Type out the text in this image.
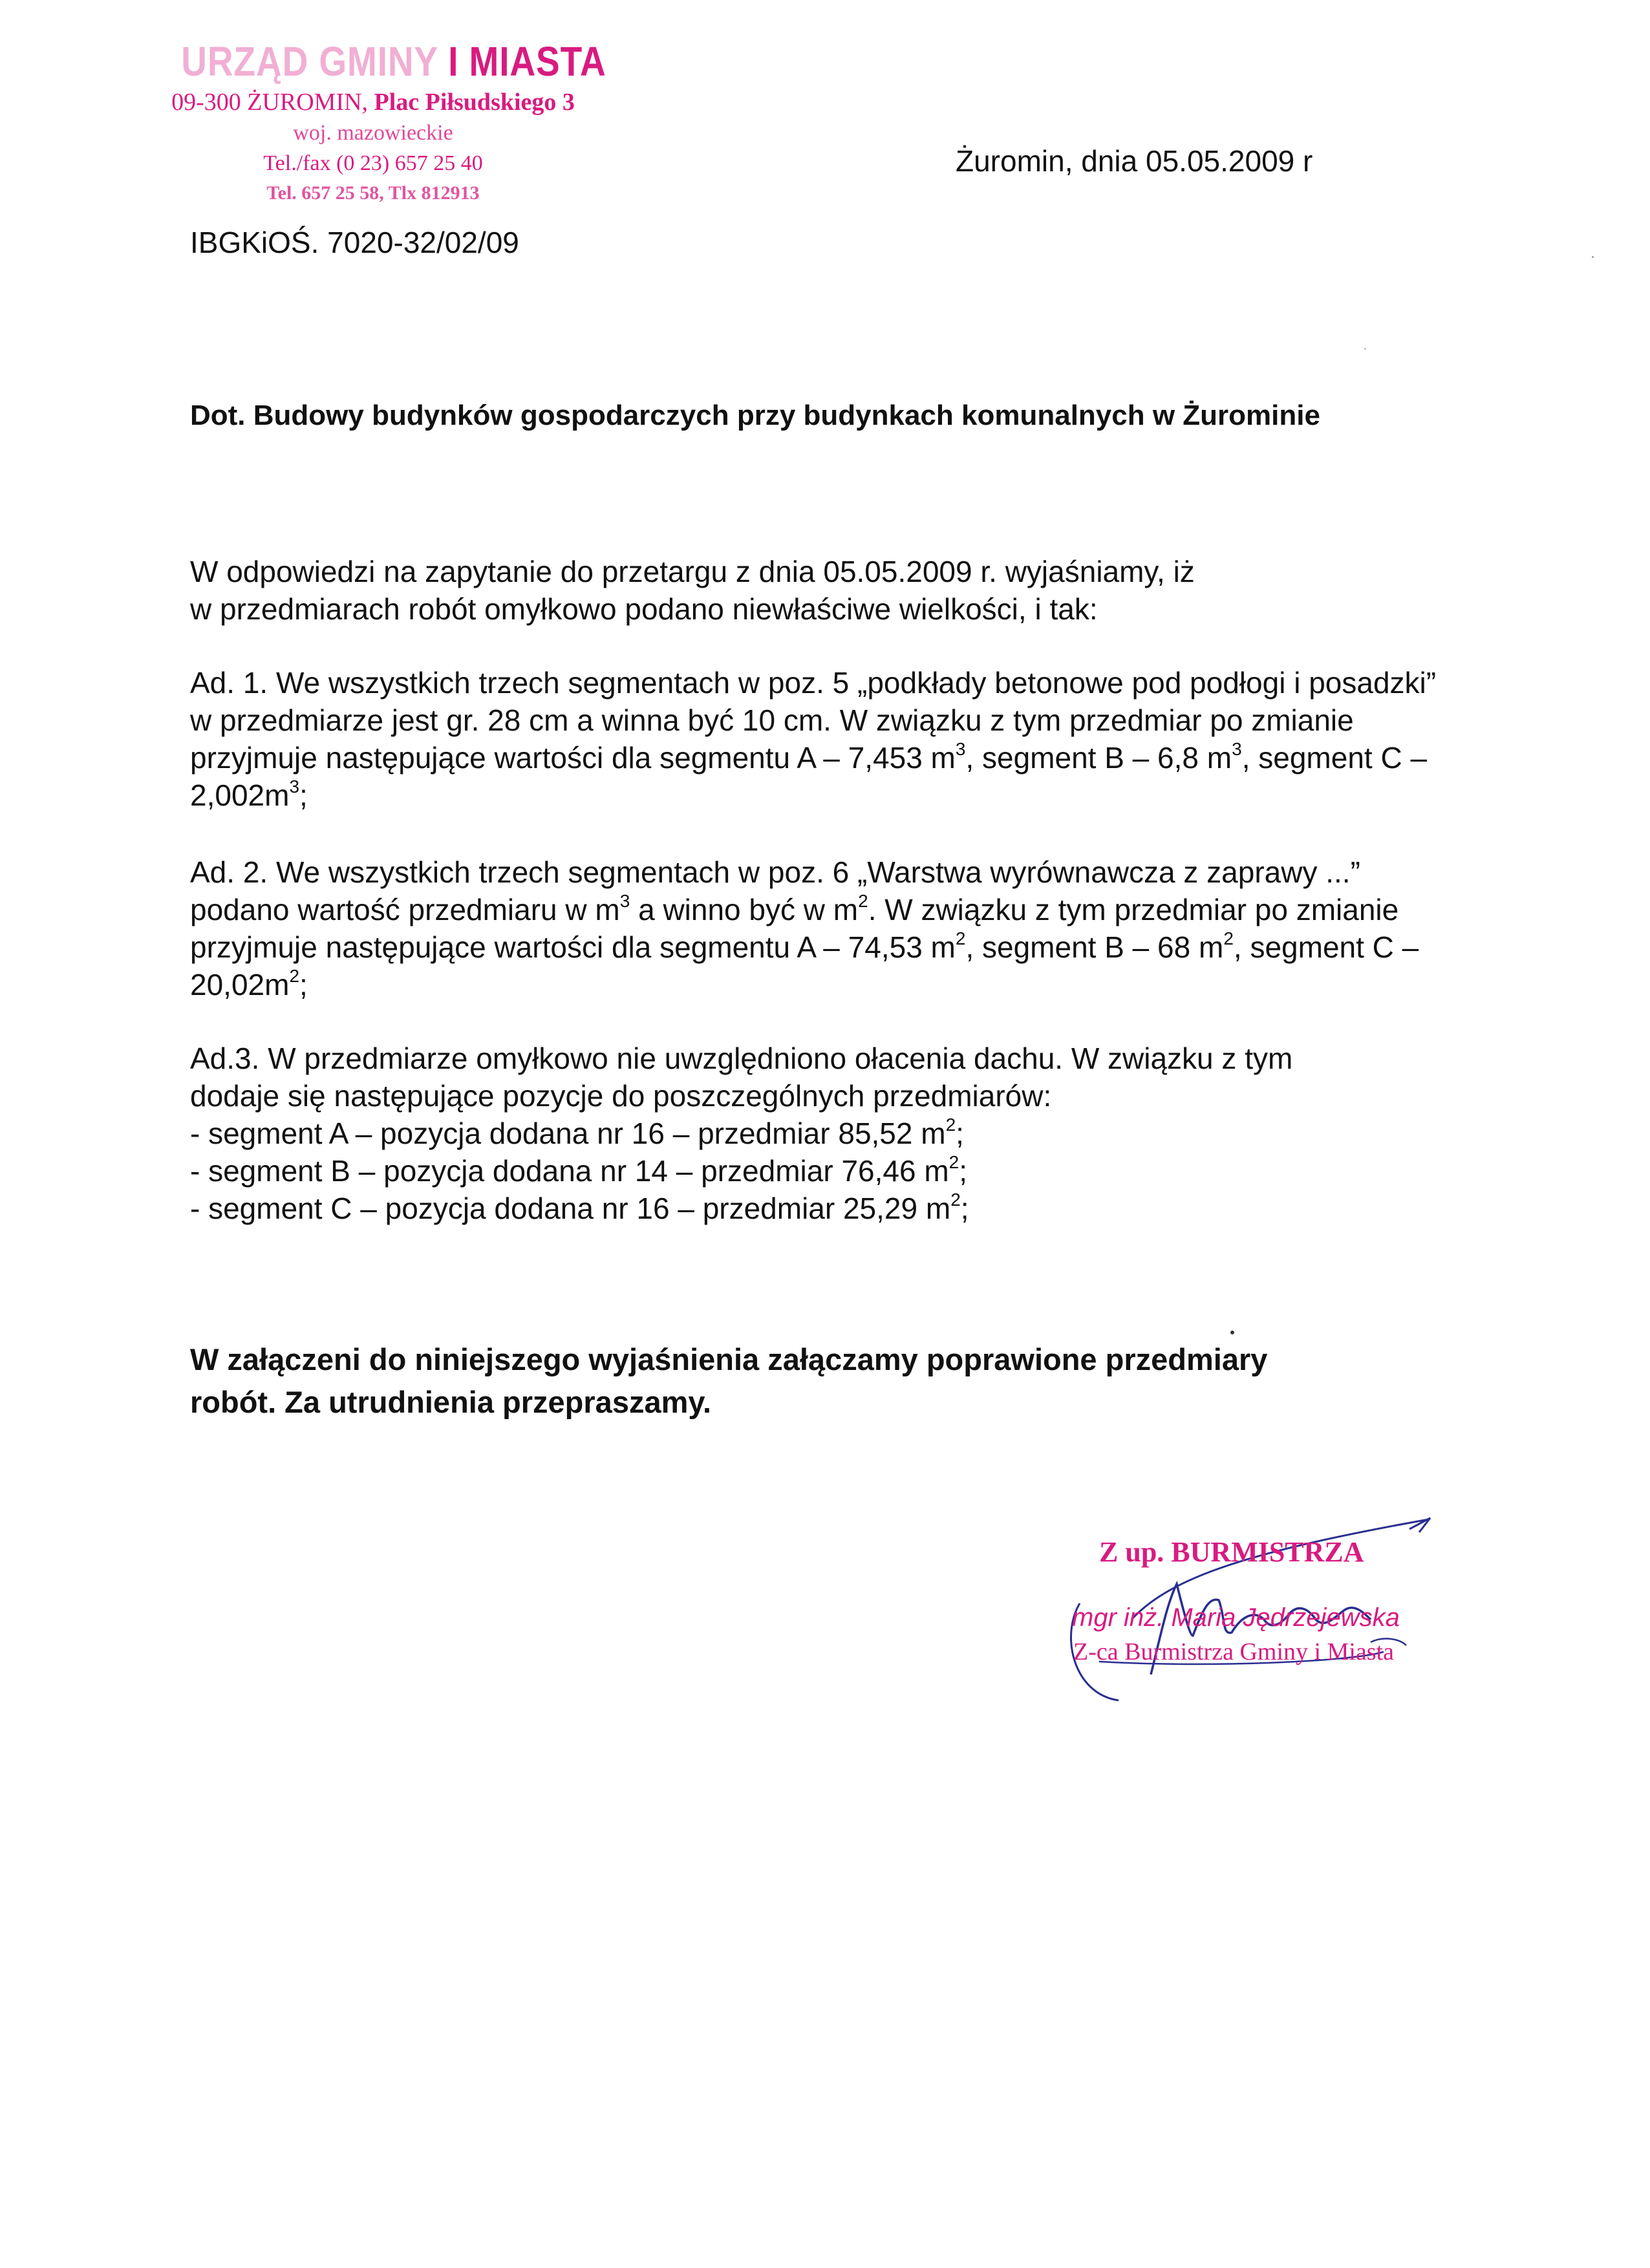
URZĄD GMINY I MIASTA
09-300 ŻUROMIN, Plac Piłsudskiego 3
woj. mazowieckie
Tel./fax (0 23) 657 25 40
Tel. 657 25 58, Tlx 812913
Żuromin, dnia 05.05.2009 r
IBGKiOŚ. 7020-32/02/09
Dot. Budowy budynków gospodarczych przy budynkach komunalnych w Żurominie

W odpowiedzi na zapytanie do przetargu z dnia 05.05.2009 r. wyjaśniamy, iż

w przedmiarach robót omyłkowo podano niewłaściwe wielkości, i tak:

Ad. 1. We wszystkich trzech segmentach w poz. 5 „podkłady betonowe pod podłogi i posadzki” w przedmiarze jest gr. 28 cm a winna być 10 cm. W związku z tym przedmiar po zmianie przyjmuje następujące wartości dla segmentu A – 7,453 $m^3$, segment B – 6,8 $m^3$, segment C – $2,002m^3$;

Ad. 2. We wszystkich trzech segmentach w poz. 6 „Warstwa wyrównawcza z zaprawy ...” podano wartość przedmiaru w $m^3$ a winno być w $m^2$. W związku z tym przedmiar po zmianie przyjmuje następujące wartości dla segmentu A – 74,53 $m^2$, segment B – 68 $m^2$, segment C – $20,02m^2$;

Ad.3. W przedmiarze omyłkowo nie uwzględniono ołacenia dachu. W związku z tym

dodaje się następujące pozycje do poszczególnych przedmiarów:

- segment A – pozycja dodana nr 16 – przedmiar 85,52 $m^2$;

- segment B – pozycja dodana nr 14 – przedmiar 76,46 $m^2$;

- segment C – pozycja dodana nr 16 – przedmiar 25,29 $m^2$;

W załączeni do niniejszego wyjaśnienia załączamy poprawione przedmiary
robót. Za utrudnienia przepraszamy.
Z up. BURMISTRZA
mgr inż. Maria Jędrzejewska
Z-ca Burmistrza Gminy i Miasta
